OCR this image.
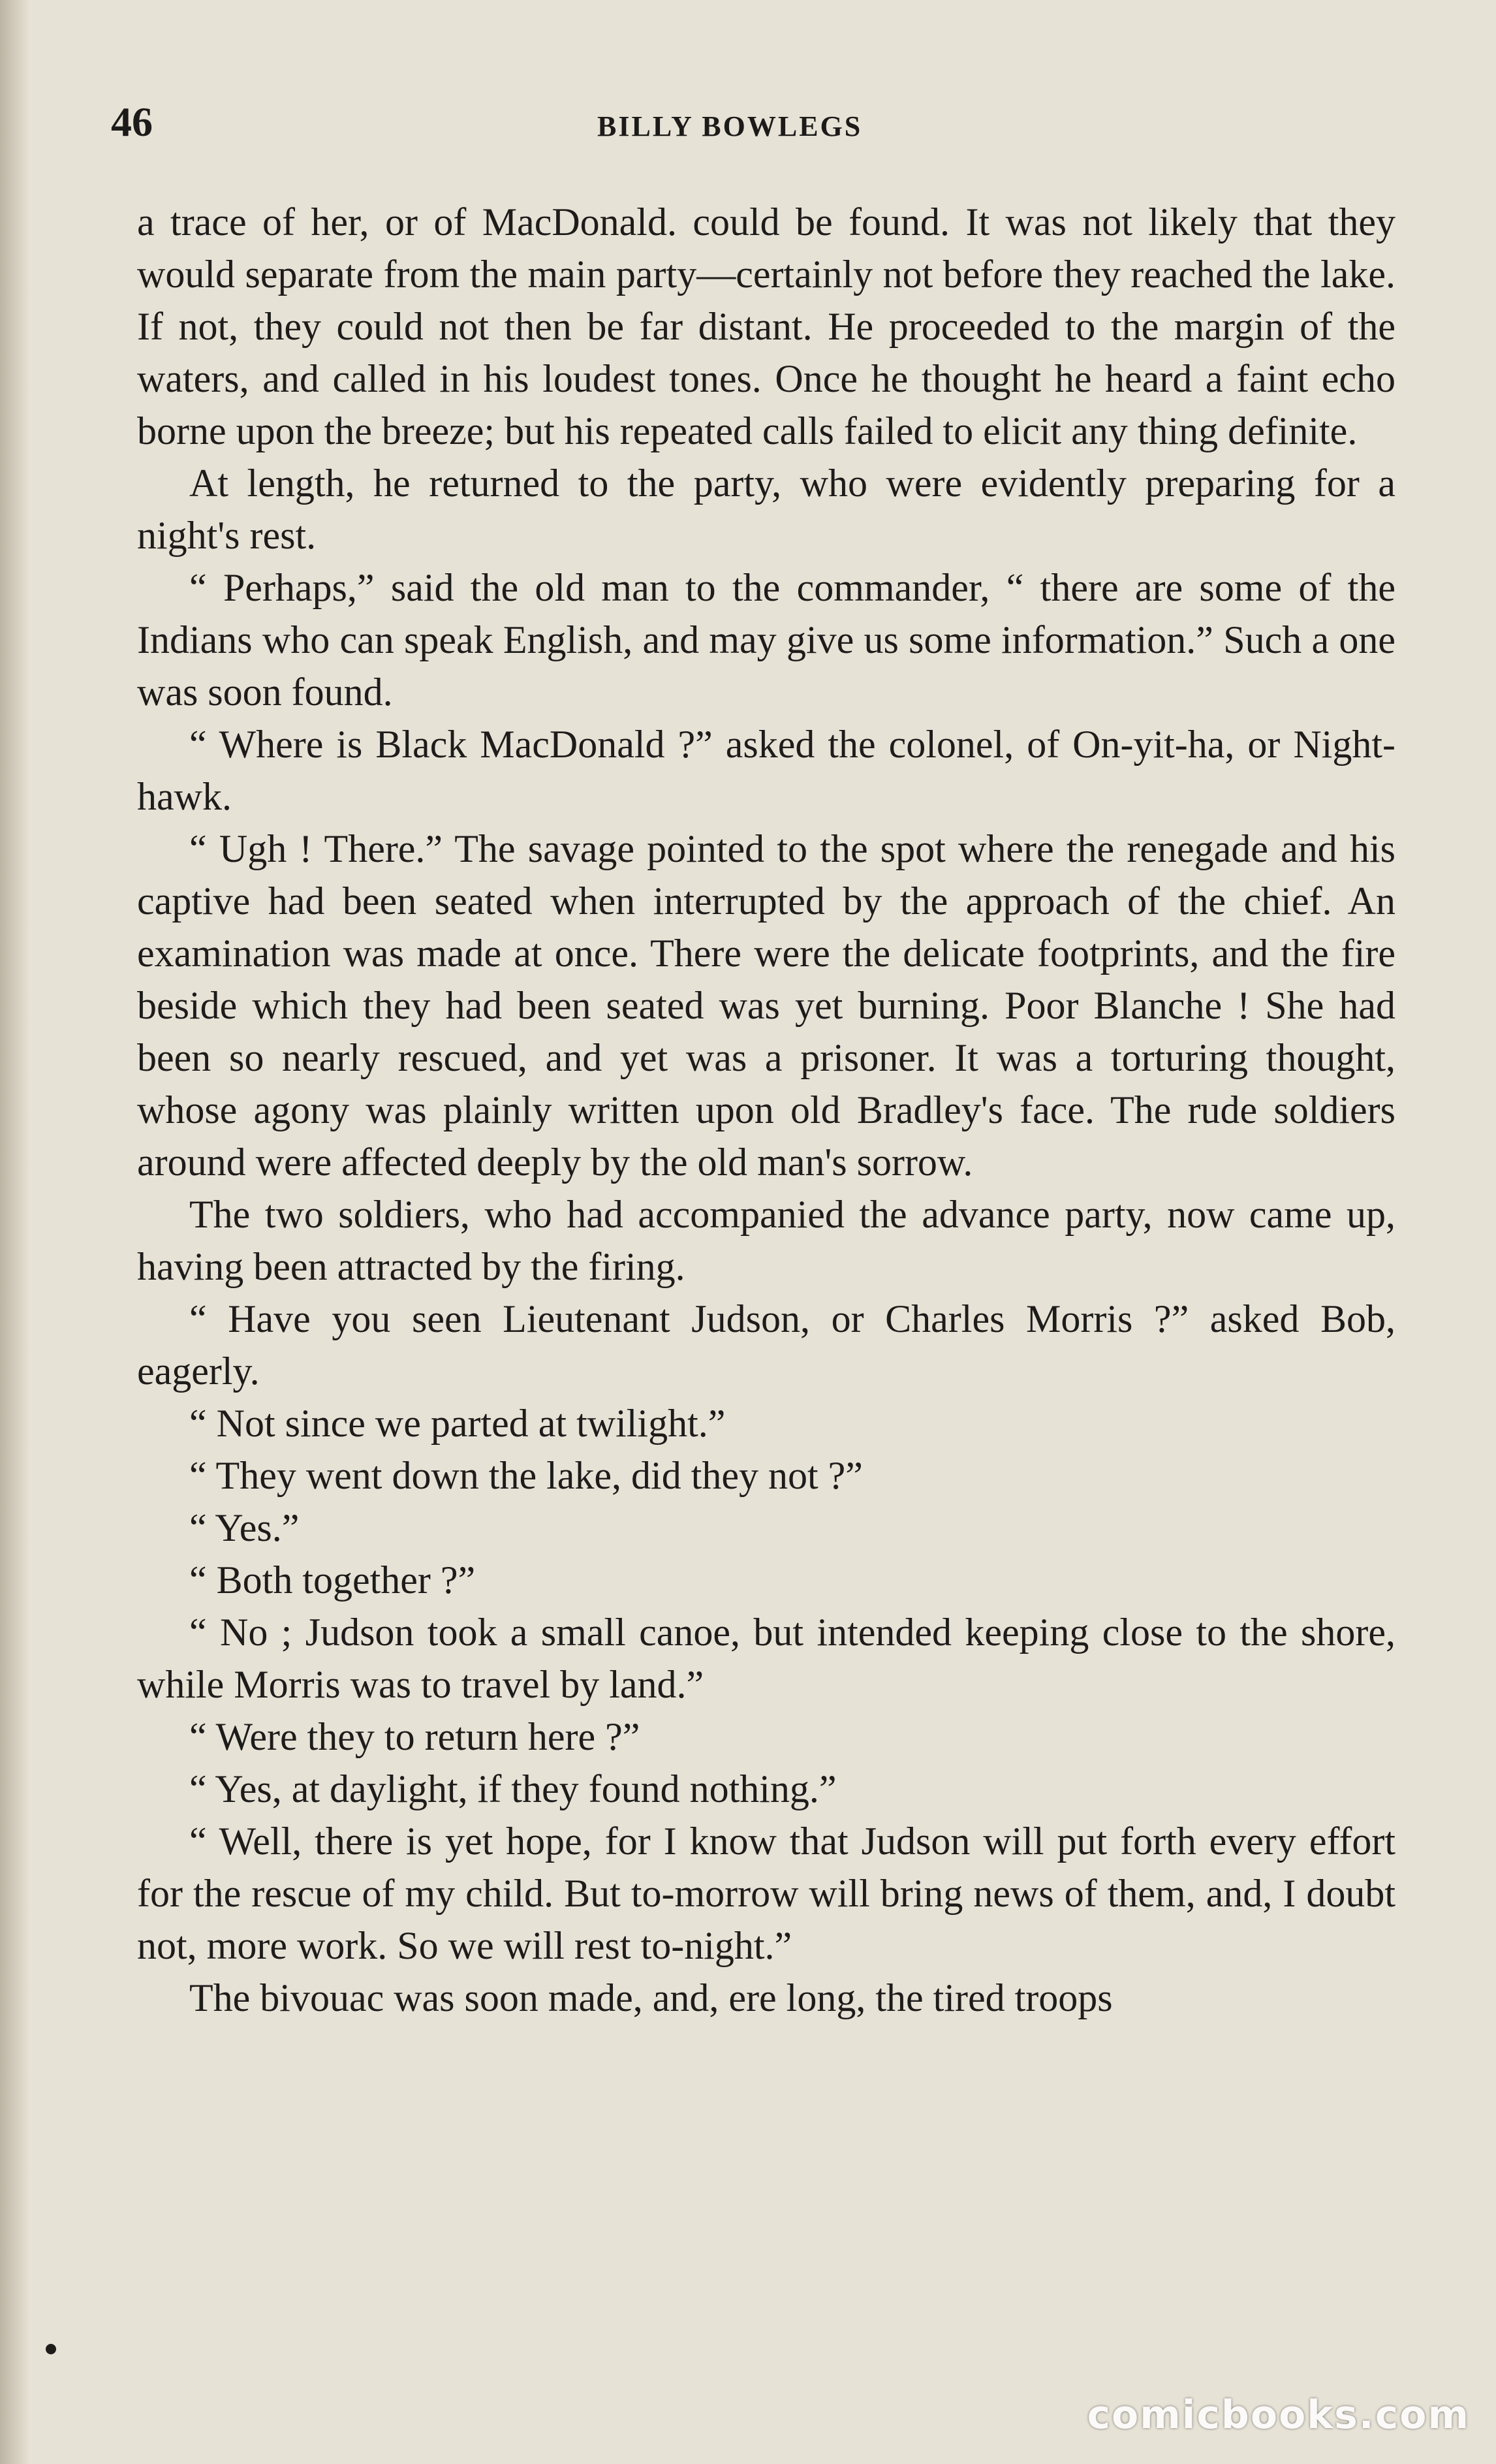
46	BILLY BOWLEGS

a trace of her, or of MacDonald. could be found. It was not likely that they would separate from the main party—certainly not before they reached the lake. If not, they could not then be far distant. He proceeded to the margin of the waters, and called in his loudest tones. Once he thought he heard a faint echo borne upon the breeze; but his repeated calls failed to elicit any thing definite.

At length, he returned to the party, who were evidently preparing for a night's rest.

“ Perhaps,” said the old man to the commander, “ there are some of the Indians who can speak English, and may give us some information.” Such a one was soon found.

“ Where is Black MacDonald ?” asked the colonel, of On-yit-ha, or Night-hawk.

“ Ugh ! There.” The savage pointed to the spot where the renegade and his captive had been seated when interrupted by the approach of the chief. An examination was made at once. There were the delicate footprints, and the fire beside which they had been seated was yet burning. Poor Blanche ! She had been so nearly rescued, and yet was a prisoner. It was a torturing thought, whose agony was plainly written upon old Bradley's face. The rude soldiers around were affected deeply by the old man's sorrow.

The two soldiers, who had accompanied the advance party, now came up, having been attracted by the firing.

“ Have you seen Lieutenant Judson, or Charles Morris ?” asked Bob, eagerly.

“ Not since we parted at twilight.”

“ They went down the lake, did they not ?”

“ Yes.”

“ Both together ?”

“ No ; Judson took a small canoe, but intended keeping close to the shore, while Morris was to travel by land.”

“ Were they to return here ?”

“ Yes, at daylight, if they found nothing.”

“ Well, there is yet hope, for I know that Judson will put forth every effort for the rescue of my child. But to-morrow will bring news of them, and, I doubt not, more work. So we will rest to-night.”

The bivouac was soon made, and, ere long, the tired troops

comicbooks.com
